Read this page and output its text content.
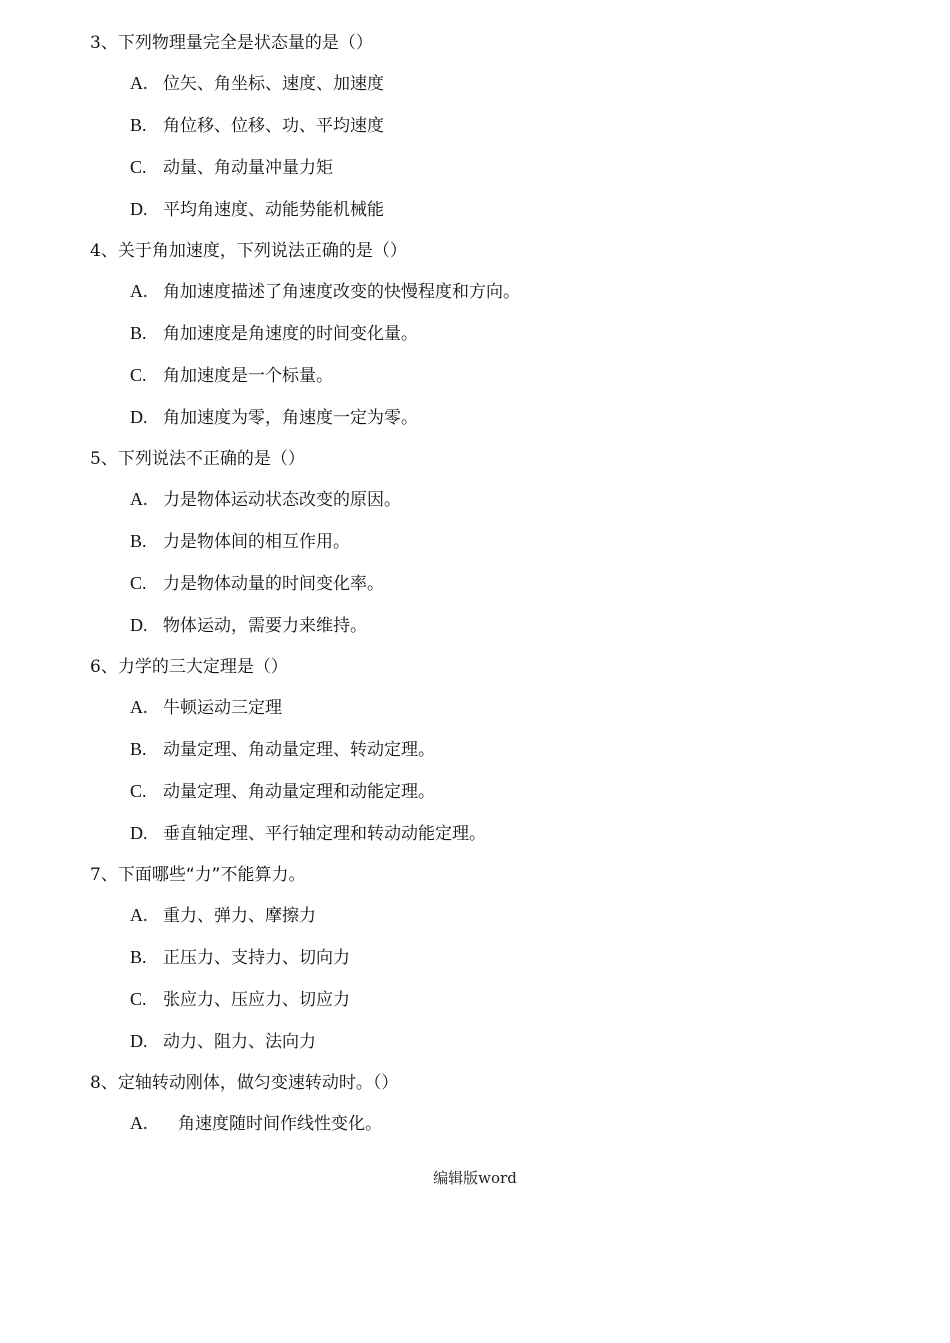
3、下列物理量完全是状态量的是（）
A. 位矢、角坐标、速度、加速度
B. 角位移、位移、功、平均速度
C. 动量、角动量冲量力矩
D. 平均角速度、动能势能机械能
4、关于角加速度，下列说法正确的是（）
A. 角加速度描述了角速度改变的快慢程度和方向。
B. 角加速度是角速度的时间变化量。
C. 角加速度是一个标量。
D. 角加速度为零，角速度一定为零。
5、下列说法不正确的是（）
A. 力是物体运动状态改变的原因。
B. 力是物体间的相互作用。
C. 力是物体动量的时间变化率。
D. 物体运动，需要力来维持。
6、力学的三大定理是（）
A. 牛顿运动三定理
B. 动量定理、角动量定理、转动定理。
C. 动量定理、角动量定理和动能定理。
D. 垂直轴定理、平行轴定理和转动动能定理。
7、下面哪些“力”不能算力。
A. 重力、弹力、摩擦力
B. 正压力、支持力、切向力
C. 张应力、压应力、切应力
D. 动力、阻力、法向力
8、定轴转动刚体，做匀变速转动时。（）
A. 角速度随时间作线性变化。
编辑版word
